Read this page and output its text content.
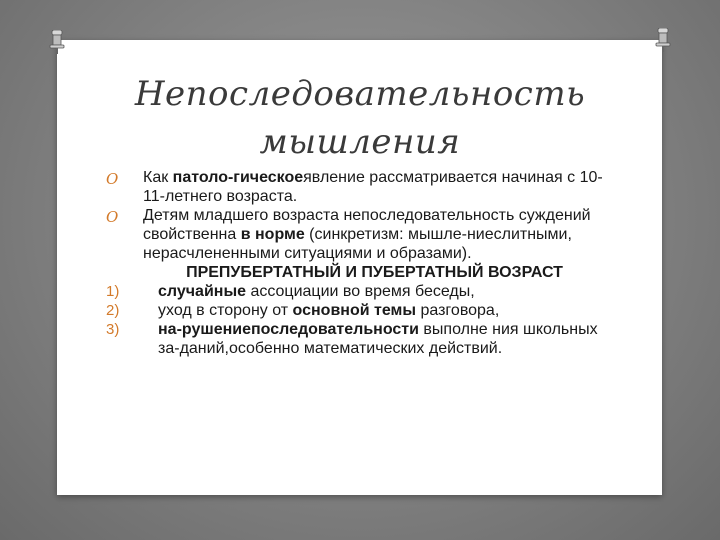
Непоследовательность
мышления
O Как патоло-гическоеявление рассматривается начиная с 10-11-летнего возраста.
O Детям младшего возраста непоследовательность суждений свойственна в норме (синкретизм: мышле-ниеслитными, нерасчлененными ситуациями и образами).
ПРЕПУБЕРТАТНЫЙ И ПУБЕРТАТНЫЙ ВОЗРАСТ
1) случайные ассоциации во время беседы,
2) уход в сторону от основной темы разговора,
3) на-рушениепоследовательности выполне ния школьных за-даний,особенно математических действий.
